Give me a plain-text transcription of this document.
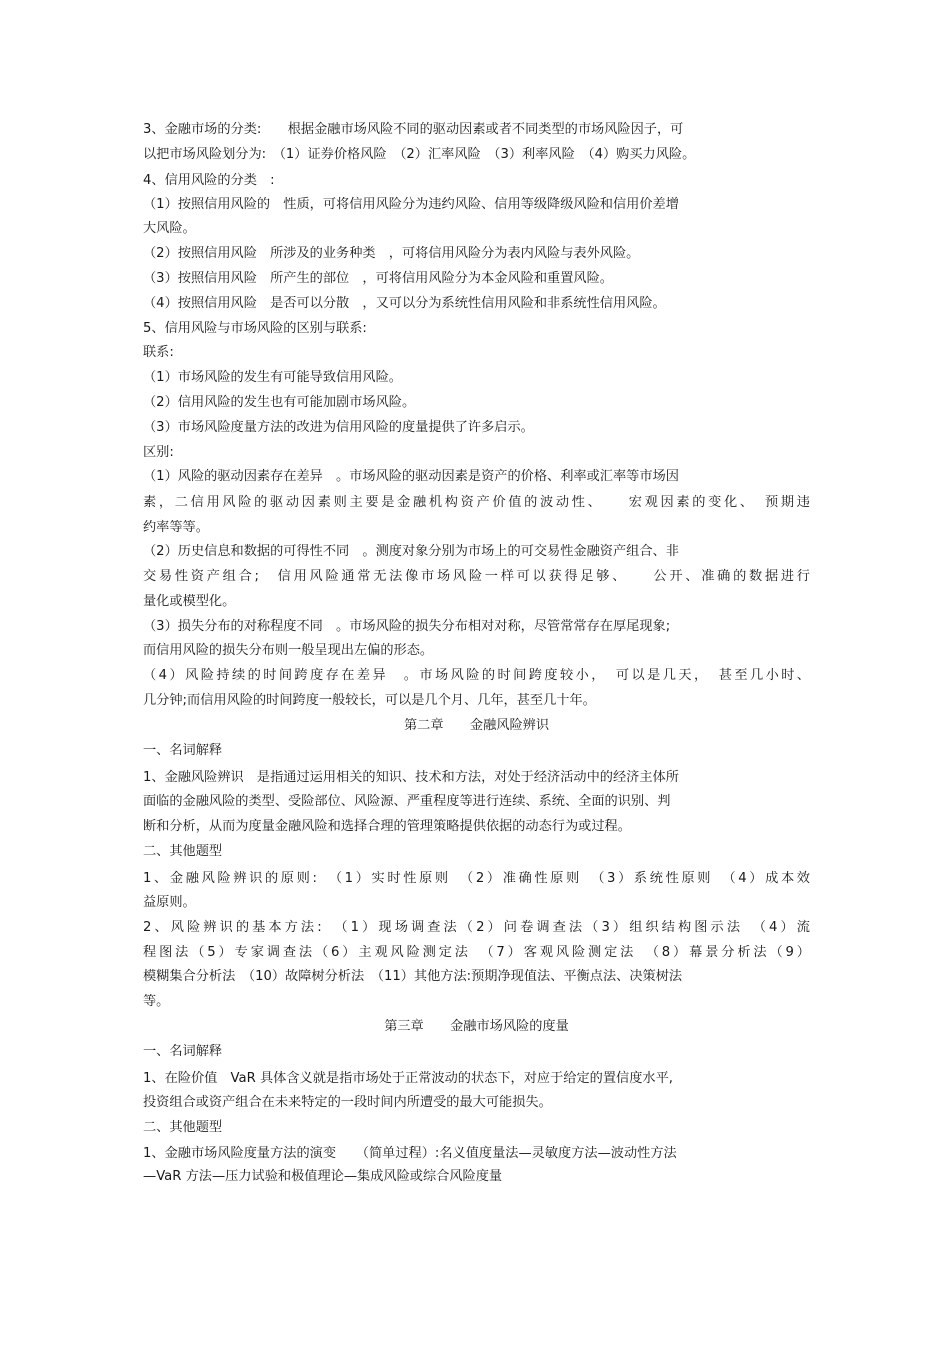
3、金融市场的分类:　　根据金融市场风险不同的驱动因素或者不同类型的市场风险因子，可
以把市场风险划分为:　（1）证券价格风险　（2）汇率风险　（3）利率风险　（4）购买力风险。
4、信用风险的分类　:
（1）按照信用风险的　性质，可将信用风险分为违约风险、信用等级降级风险和信用价差增
大风险。
（2）按照信用风险　所涉及的业务种类　，可将信用风险分为表内风险与表外风险。
（3）按照信用风险　所产生的部位　，可将信用风险分为本金风险和重置风险。
（4）按照信用风险　是否可以分散　，又可以分为系统性信用风险和非系统性信用风险。
5、信用风险与市场风险的区别与联系:
联系:
（1）市场风险的发生有可能导致信用风险。
（2）信用风险的发生也有可能加剧市场风险。
（3）市场风险度量方法的改进为信用风险的度量提供了许多启示。
区别:
（1）风险的驱动因素存在差异　。市场风险的驱动因素是资产的价格、利率或汇率等市场因
素，二信用风险的驱动因素则主要是金融机构资产价值的波动性、　　宏观因素的变化、　预期违
约率等等。
（2）历史信息和数据的可得性不同　。测度对象分别为市场上的可交易性金融资产组合、非
交易性资产组合;　信用风险通常无法像市场风险一样可以获得足够、　　公开、准确的数据进行
量化或模型化。
（3）损失分布的对称程度不同　。市场风险的损失分布相对对称，尽管常常存在厚尾现象;
而信用风险的损失分布则一般呈现出左偏的形态。
（4）风险持续的时间跨度存在差异　。市场风险的时间跨度较小，　可以是几天，　甚至几小时、
几分钟;而信用风险的时间跨度一般较长，可以是几个月、几年，甚至几十年。
第二章　　金融风险辨识
一、名词解释
1、金融风险辨识　是指通过运用相关的知识、技术和方法，对处于经济活动中的经济主体所
面临的金融风险的类型、受险部位、风险源、严重程度等进行连续、系统、全面的识别、判
断和分析，从而为度量金融风险和选择合理的管理策略提供依据的动态行为或过程。
二、其他题型
1、金融风险辨识的原则:　（1）实时性原则　（2）准确性原则　（3）系统性原则　（4）成本效
益原则。
2、风险辨识的基本方法:　（1）现场调查法（2）问卷调查法（3）组织结构图示法　（4）流
程图法（5）专家调查法（6）主观风险测定法　（7）客观风险测定法　（8）幕景分析法（9）
模糊集合分析法　（10）故障树分析法　（11）其他方法:预期净现值法、平衡点法、决策树法
等。
第三章　　金融市场风险的度量
一、名词解释
1、在险价值　VaR 具体含义就是指市场处于正常波动的状态下，对应于给定的置信度水平,
投资组合或资产组合在未来特定的一段时间内所遭受的最大可能损失。
二、其他题型
1、金融市场风险度量方法的演变　　（简单过程）:名义值度量法—灵敏度方法—波动性方法
—VaR 方法—压力试验和极值理论—集成风险或综合风险度量
